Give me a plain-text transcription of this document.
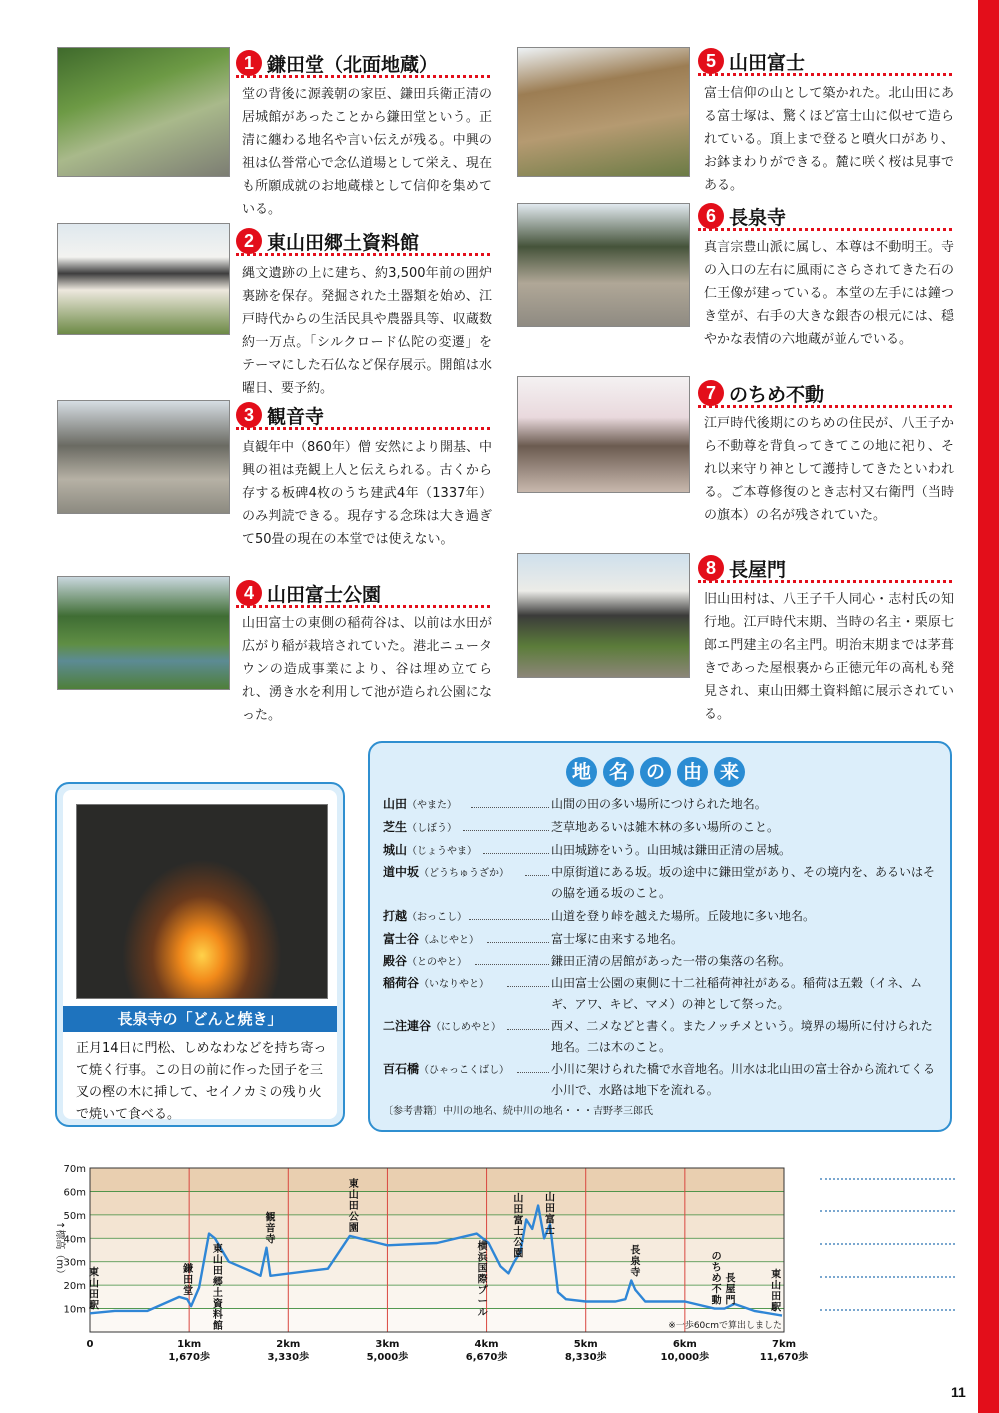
1 鎌田堂（北面地蔵）
堂の背後に源義朝の家臣、鎌田兵衛正清の居城館があったことから鎌田堂という。正清に纏わる地名や言い伝えが残る。中興の祖は仏誉常心で念仏道場として栄え、現在も所願成就のお地蔵様として信仰を集めている。
2 東山田郷土資料館
縄文遺跡の上に建ち、約3,500年前の囲炉裏跡を保存。発掘された土器類を始め、江戸時代からの生活民具や農器具等、収蔵数約一万点。「シルクロード仏陀の変遷」をテーマにした石仏など保存展示。開館は水曜日、要予約。
3 観音寺
貞観年中（860年）僧 安然により開基、中興の祖は尭観上人と伝えられる。古くから存する板碑4枚のうち建武4年（1337年）のみ判読できる。現存する念珠は大き過ぎて50畳の現在の本堂では使えない。
4 山田富士公園
山田富士の東側の稲荷谷は、以前は水田が広がり稲が栽培されていた。港北ニュータウンの造成事業により、谷は埋め立てられ、湧き水を利用して池が造られ公園になった。
5 山田富士
富士信仰の山として築かれた。北山田にある富士塚は、驚くほど富士山に似せて造られている。頂上まで登ると噴火口があり、お鉢まわりができる。麓に咲く桜は見事である。
6 長泉寺
真言宗豊山派に属し、本尊は不動明王。寺の入口の左右に風雨にさらされてきた石の仁王像が建っている。本堂の左手には鐘つき堂が、右手の大きな銀杏の根元には、穏やかな表情の六地蔵が並んでいる。
7 のちめ不動
江戸時代後期にのちめの住民が、八王子から不動尊を背負ってきてこの地に祀り、それ以来守り神として護持してきたといわれる。ご本尊修復のとき志村又右衛門（当時の旗本）の名が残されていた。
8 長屋門
旧山田村は、八王子千人同心・志村氏の知行地。江戸時代末期、当時の名主・栗原七郎エ門建主の名主門。明治末期までは茅葺きであった屋根裏から正徳元年の高札も発見され、東山田郷土資料館に展示されている。
長泉寺の「どんと焼き」
正月14日に門松、しめなわなどを持ち寄って焼く行事。この日の前に作った団子を三叉の樫の木に挿して、セイノカミの残り火で焼いて食べる。
地 名 の 由 来
山田（やまた）	山間の田の多い場所につけられた地名。
芝生（しぼう）	芝草地あるいは雑木林の多い場所のこと。
城山（じょうやま）	山田城跡をいう。山田城は鎌田正清の居城。
道中坂（どうちゅうざか）	中原街道にある坂。坂の途中に鎌田堂があり、その境内を、あるいはその脇を通る坂のこと。
打越（おっこし）	山道を登り峠を越えた場所。丘陵地に多い地名。
富士谷（ふじやと）	富士塚に由来する地名。
殿谷（とのやと）	鎌田正清の居館があった一帯の集落の名称。
稲荷谷（いなりやと）	山田富士公園の東側に十二社稲荷神社がある。稲荷は五穀（イネ、ムギ、アワ、キビ、マメ）の神として祭った。
二注連谷（にしめやと）	西メ、二メなどと書く。またノッチメという。境界の場所に付けられた地名。二は木のこと。
百石橋（ひゃっこくばし）	小川に架けられた橋で水音地名。川水は北山田の富士谷から流れてくる小川で、水路は地下を流れる。
〔参考書籍〕中川の地名、続中川の地名・・・吉野孝三郎氏
70m
60m
50m
40m
30m
20m
10m
↑標高（m）
0	1km
1,670歩
2km
3,330歩
3km
5,000歩
4km
6,670歩
5km
8,330歩
6km
10,000歩
7km
11,670歩
東山田駅
鎌田堂
東山田郷土資料館
観音寺
東山田公園
横浜国際プール
山田富士公園
山田富士
長泉寺
のちめ不動
長屋門
東山田駅
※一歩60cmで算出しました
11
